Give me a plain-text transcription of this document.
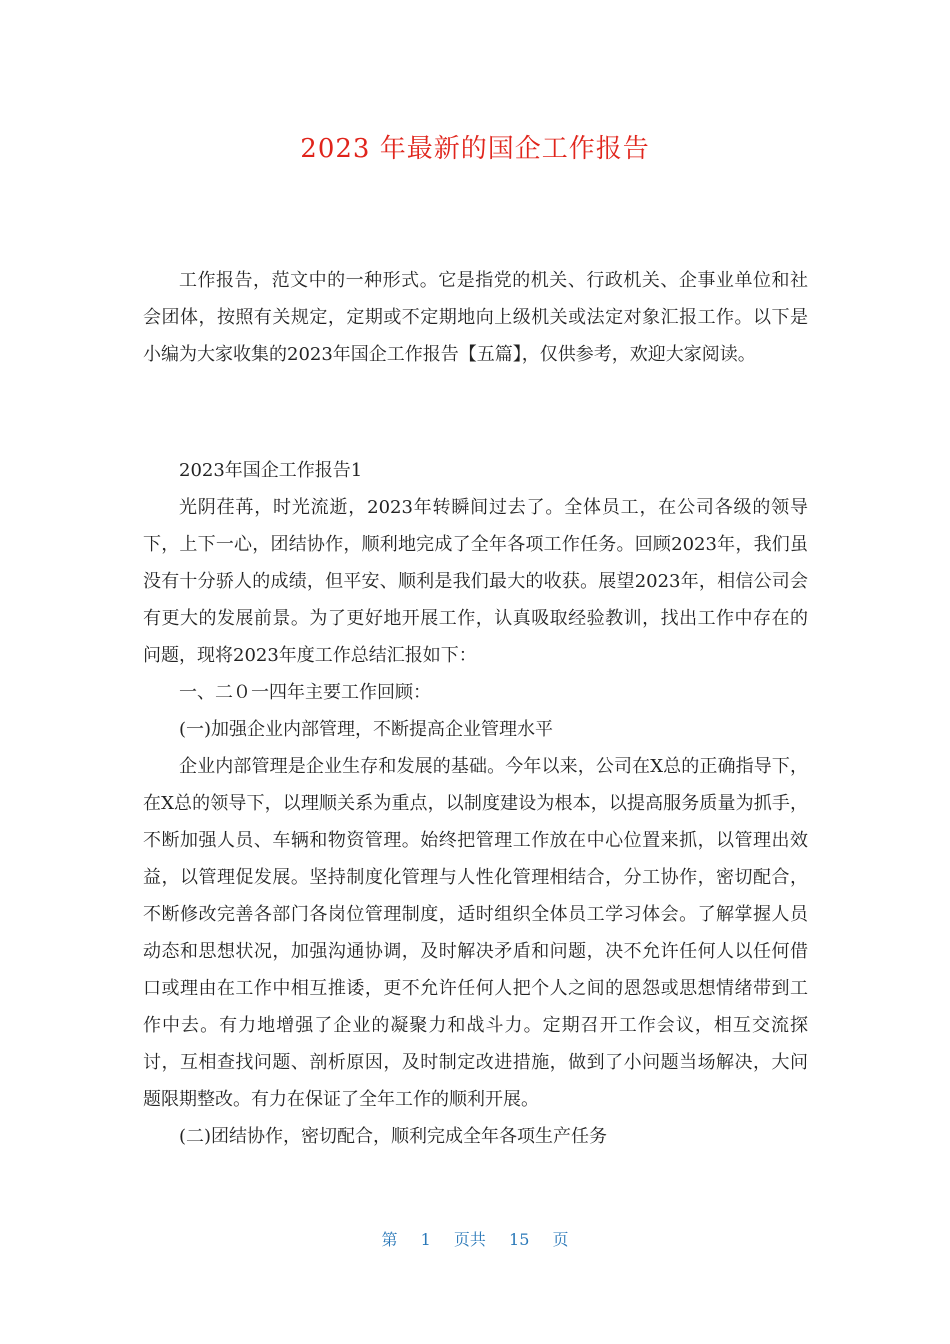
2023 年最新的国企工作报告

工作报告，范文中的一种形式。它是指党的机关、行政机关、企事业单位和社会团体，按照有关规定，定期或不定期地向上级机关或法定对象汇报工作。以下是小编为大家收集的2023年国企工作报告【五篇】，仅供参考，欢迎大家阅读。

2023年国企工作报告1

光阴荏苒，时光流逝，2023年转瞬间过去了。全体员工，在公司各级的领导下，上下一心，团结协作，顺利地完成了全年各项工作任务。回顾2023年，我们虽没有十分骄人的成绩，但平安、顺利是我们最大的收获。展望2023年，相信公司会有更大的发展前景。为了更好地开展工作，认真吸取经验教训，找出工作中存在的问题，现将2023年度工作总结汇报如下：

一、二０一四年主要工作回顾：

(一)加强企业内部管理，不断提高企业管理水平

企业内部管理是企业生存和发展的基础。今年以来，公司在X总的正确指导下，在X总的领导下，以理顺关系为重点，以制度建设为根本，以提高服务质量为抓手，不断加强人员、车辆和物资管理。始终把管理工作放在中心位置来抓，以管理出效益，以管理促发展。坚持制度化管理与人性化管理相结合，分工协作，密切配合，不断修改完善各部门各岗位管理制度，适时组织全体员工学习体会。了解掌握人员动态和思想状况，加强沟通协调，及时解决矛盾和问题，决不允许任何人以任何借口或理由在工作中相互推诿，更不允许任何人把个人之间的恩怨或思想情绪带到工作中去。有力地增强了企业的凝聚力和战斗力。定期召开工作会议，相互交流探讨，互相查找问题、剖析原因，及时制定改进措施，做到了小问题当场解决，大问题限期整改。有力在保证了全年工作的顺利开展。

(二)团结协作，密切配合，顺利完成全年各项生产任务

第 1 页共 15 页
